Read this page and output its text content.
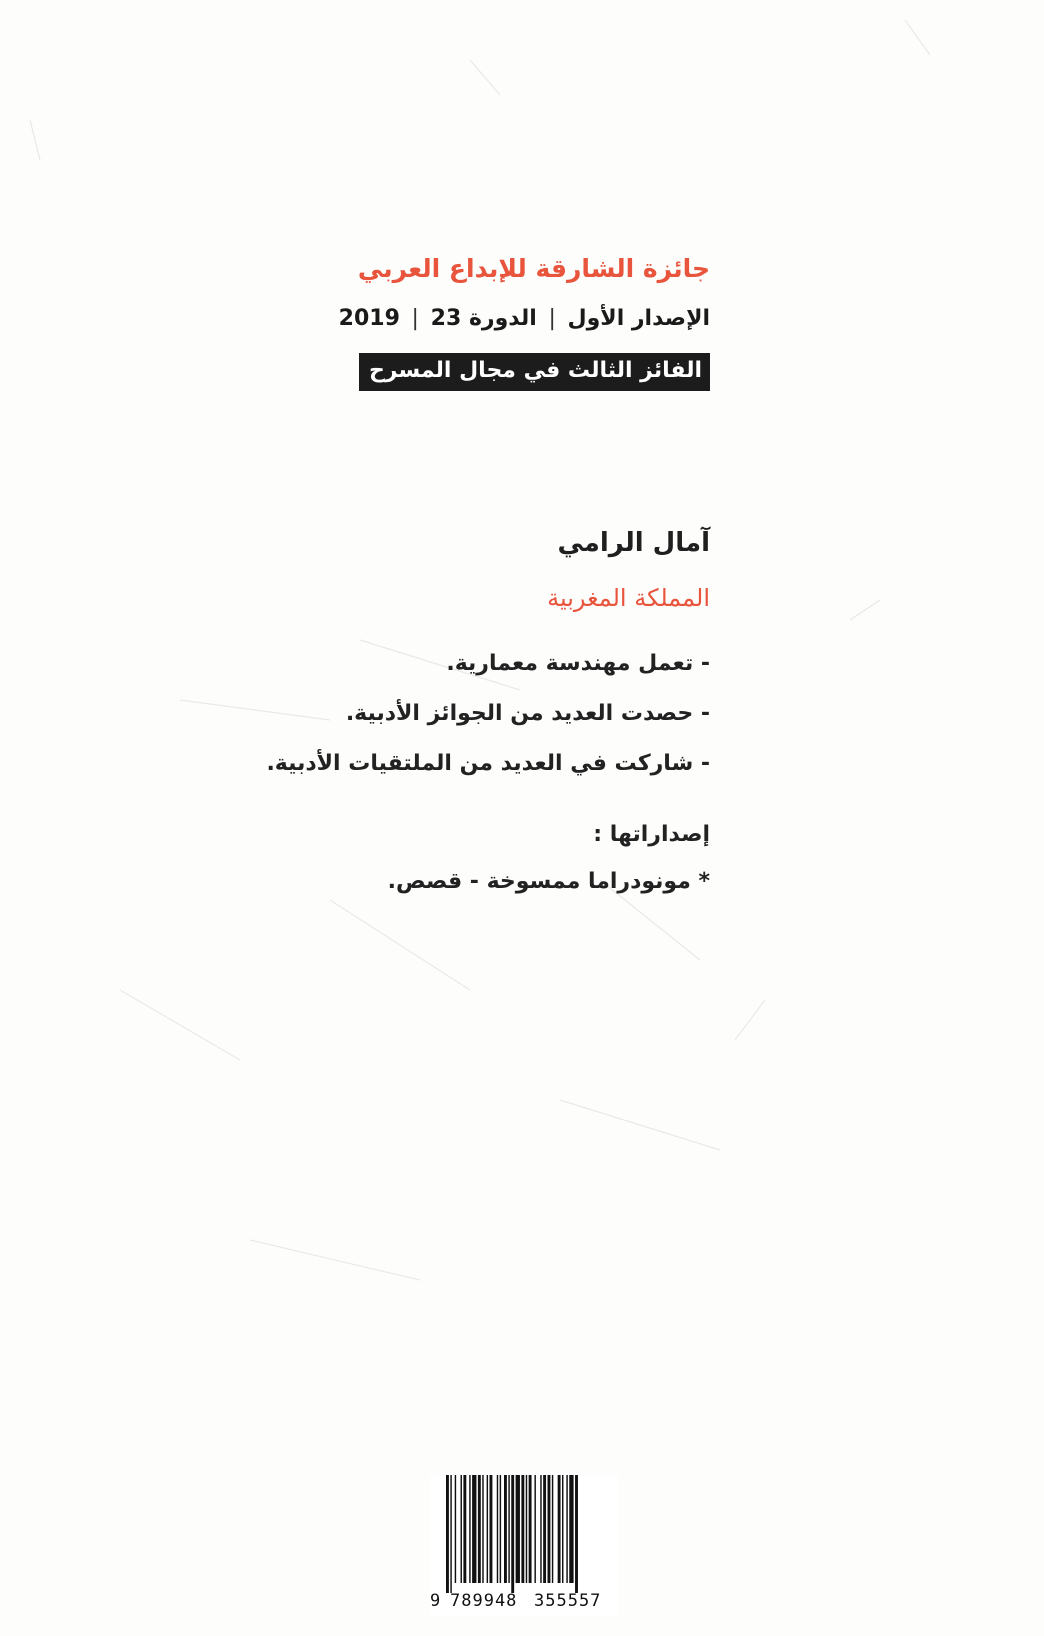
جائزة الشارقة للإبداع العربي
الإصدار الأول | الدورة 23 | 2019
الفائز الثالث في مجال المسرح
آمال الرامي
المملكة المغربية
- تعمل مهندسة معمارية.
- حصدت العديد من الجوائز الأدبية.
- شاركت في العديد من الملتقيات الأدبية.
إصداراتها :
* مونودراما ممسوخة - قصص.
9 789948 355557
